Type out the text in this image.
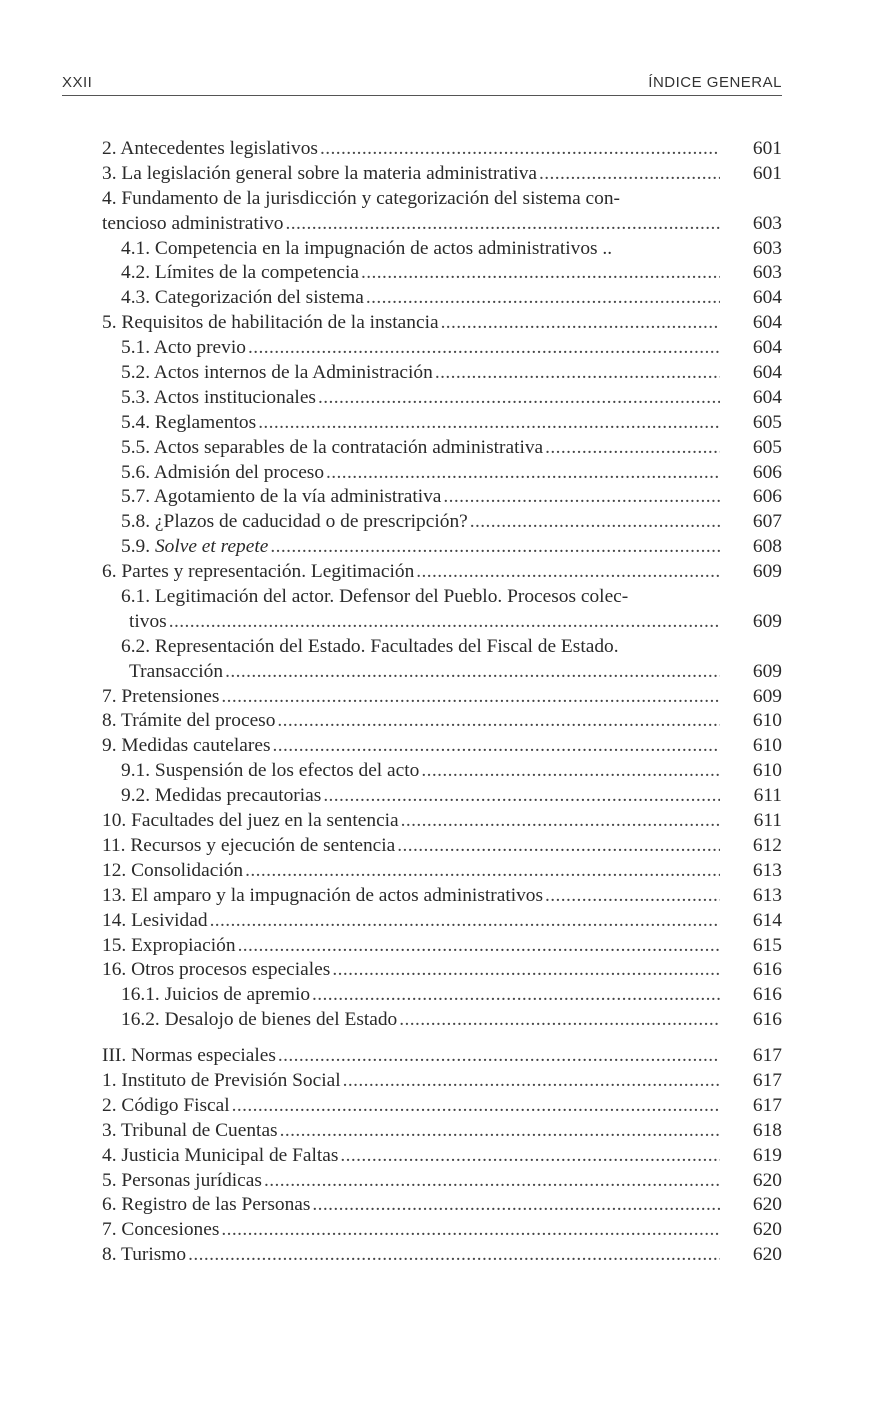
XXII	ÍNDICE GENERAL
2. Antecedentes legislativos .....	601
3. La legislación general sobre la materia administrativa .....	601
4. Fundamento de la jurisdicción y categorización del sistema con-
tencioso administrativo .....	603
4.1. Competencia en la impugnación de actos administrativos ..	603
4.2. Límites de la competencia .....	603
4.3. Categorización del sistema .....	604
5. Requisitos de habilitación de la instancia .....	604
5.1. Acto previo .....	604
5.2. Actos internos de la Administración .....	604
5.3. Actos institucionales .....	604
5.4. Reglamentos .....	605
5.5. Actos separables de la contratación administrativa .....	605
5.6. Admisión del proceso .....	606
5.7. Agotamiento de la vía administrativa .....	606
5.8. ¿Plazos de caducidad o de prescripción? .....	607
5.9. Solve et repete .....	608
6. Partes y representación. Legitimación .....	609
6.1. Legitimación del actor. Defensor del Pueblo. Procesos colec-
tivos .....	609
6.2. Representación del Estado. Facultades del Fiscal de Estado.
Transacción .....	609
7. Pretensiones .....	609
8. Trámite del proceso .....	610
9. Medidas cautelares .....	610
9.1. Suspensión de los efectos del acto .....	610
9.2. Medidas precautorias .....	611
10. Facultades del juez en la sentencia .....	611
11. Recursos y ejecución de sentencia .....	612
12. Consolidación .....	613
13. El amparo y la impugnación de actos administrativos .....	613
14. Lesividad .....	614
15. Expropiación .....	615
16. Otros procesos especiales .....	616
16.1. Juicios de apremio .....	616
16.2. Desalojo de bienes del Estado .....	616
III. Normas especiales .....	617
1. Instituto de Previsión Social .....	617
2. Código Fiscal .....	617
3. Tribunal de Cuentas .....	618
4. Justicia Municipal de Faltas .....	619
5. Personas jurídicas .....	620
6. Registro de las Personas .....	620
7. Concesiones .....	620
8. Turismo .....	620
